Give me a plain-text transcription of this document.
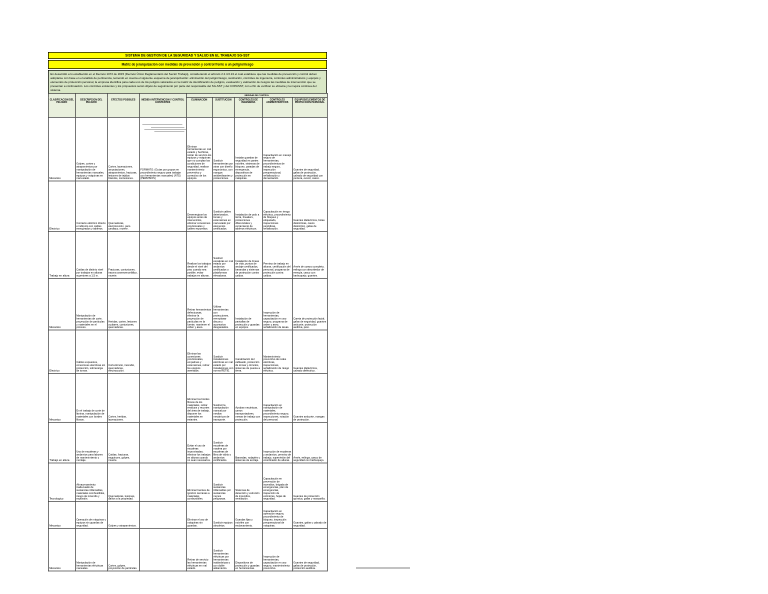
SISTEMA DE GESTION DE LA SEGURIDAD Y SALUD EN EL TRABAJO SG-SST
Matriz de jerarquización con medidas de prevención y control frente a un peligro/riesgo
En desarrollo a lo establecido en el Decreto 1072 de 2015 (Decreto Único Reglamentario del Sector Trabajo), considerando el artículo 2.2.4.6.24 el cual establece que las medidas de prevención y control deben adoptarse con base en el análisis de pertinencia, teniendo en cuenta el siguiente esquema de jerarquización: eliminación del peligro/riesgo, sustitución, controles de ingeniería, controles administrativos y equipos y elementos de protección personal, la empresa identifica para cada uno de los peligros valorados en la matriz de identificación de peligros, evaluación y valoración de riesgos las medidas de intervención que se presentan a continuación. Los controles existentes y los propuestos serán objeto de seguimiento por parte del responsable del SG-SST y del COPASST, con el fin de verificar su eficacia y la mejora continua del sistema.
CLASIFICACION DEL PELIGRO	DESCRIPCION DEL PELIGRO	EFECTOS POSIBLES	MEDIDA INTERVENCION Y CONTROL EXISTENTES	MEDIDAS DE CONTROL				
				ELIMINACION	SUSTITUCION	CONTROLES DE INGENIERIA	CONTROLES ADMINISTRATIVOS	EQUIPOS/ELEMENTOS DE PROTECCION PERSONAL

Mecanico	Golpes, cortes y atrapamientos por manipulación de herramientas manuales, equipos y máquinas en mal estado.	Cortes, laceraciones, amputaciones, atrapamientos, fracturas, lesiones de tejidos blandos, contusiones.	FORMATO: (Guías por grupos en procedimiento seguro para trabajar con herramientas manuales) (ATS) (PERMISOS)	Eliminar herramientas en mal estado y hechizas, retirar de servicio los equipos y máquinas que no cumplan las condiciones de seguridad, realizar mantenimiento preventivo y correctivo de los equipos.	Sustituir herramientas por otras con diseño ergonómico, con mangos antideslizantes y protecciones.	Instalar guardas de seguridad en partes móviles, sistemas de bloqueo, paradas de emergencia, dispositivos de protección en máquinas.	Capacitación en manejo seguro de herramientas, procedimientos de trabajo seguro, inspección preoperacional, señalización y demarcación.	Guantes de seguridad, gafas de protección, calzado de seguridad con puntera, overol, casco.

Electrico	Contacto eléctrico directo e indirecto con cables energizados y tableros.	Quemaduras, electrocución, paro cardiaco, muerte.		Desenergizar los equipos antes de intervenirlos, eliminar conexiones provisionales y cables expuestos.	Sustituir cables deteriorados, tomas y extensiones en mal estado por elementos certificados.	Instalación de polo a tierra, breakers, protecciones diferenciales y cerramiento de tableros eléctricos.	Capacitación en riesgo eléctrico, procedimiento de bloqueo y etiquetado, inspecciones periódicas, señalización.	Guantes dieléctricos, botas dieléctricas, casco dieléctrico, gafas de seguridad.

Trabajo en altura	Caídas de distinto nivel por trabajos en alturas superiores a 1.5 m.	Fracturas, contusiones, trauma craneoencefálico, muerte.		Realizar los trabajos desde el nivel del piso cuando sea posible, evitar trabajos en alturas.	Sustituir escaleras en mal estado por andamios certificados o plataformas elevadoras.	Instalación de líneas de vida, puntos de anclaje certificados, barandas y sistemas de protección contra caídas.	Permiso de trabajo en alturas, certificación del personal, programa de protección contra caídas.	Arnés de cuerpo completo, eslinga con absorbedor de energía, casco con barbuquejo, guantes.

Mecanico	Manipulación de herramientas de corte, proyección de partículas y materiales en el proceso.	Heridas, cortes, lesiones oculares, contusiones, quemaduras.		Retirar herramientas defectuosas, eliminar la proyección de partículas en la fuente, mantener el orden y aseo.	Utilizar herramientas con protecciones, reemplazar discos y accesorios desgastados.	Instalación de pantallas de protección y guardas en equipos.	Inspección de herramientas, capacitación en uso seguro, programa de orden y aseo, señalización de áreas.	Careta de protección facial, gafas de seguridad, guantes anticorte, protección auditiva, peto.

Electrico	Cables expuestos, conexiones eléctricas sin protección, sobrecarga de tomas.	Cortocircuito, incendio, quemaduras, electrocución.		Eliminar las conexiones provisionales, empalmes y extensiones, retirar los equipos averiados.	Sustituir instalaciones eléctricas en mal estado por instalaciones con norma RETIE.	Canalización del cableado, protección de tomas y circuitos, sistemas de puesta a tierra.	Mantenimiento preventivo de redes eléctricas, inspecciones, señalización de riesgo eléctrico.	Guantes dieléctricos, calzado dieléctrico.

Mecanico	En el trabajo de corte de lámina, manipulación de materiales con bordes filosos.	Cortes, heridas, laceraciones.		Eliminar los bordes filosos de los materiales, retirar residuos y recortes del área de trabajo, disponer los materiales en estantes.	Sustituir la manipulación manual por medios mecánicos de transporte.	Ayudas mecánicas, carros transportadores, mesas de trabajo con protección.	Capacitación en manipulación de materiales, procedimiento seguro, inspecciones, rotación del personal.	Guantes anticorte, mangas de protección.

Trabajo en altura	Uso de escaleras y andamios para labores de mantenimiento y montaje.	Caídas, fracturas, esguinces, golpes, muerte.		Evitar el uso de escaleras improvisadas, eliminar los trabajos en alturas cuando no sean necesarios.	Sustituir escaleras de madera por escaleras de fibra de vidrio o andamios certificados.	Barandas, rodapiés y sistemas de anclaje.	Inspección de escaleras y andamios, permiso de trabajo, supervisión del coordinador de alturas.	Arnés, eslinga, casco de seguridad con barbuquejo.

Tecnologico	Almacenamiento inadecuado de sustancias inflamables, materiales combustibles, riesgo de incendio y explosión.	Quemaduras, lesiones, daños a la propiedad.		Eliminar fuentes de ignición cercanas a materiales combustibles.	Sustituir sustancias inflamables por sustancias menos peligrosas.	Sistemas de detección y extinción de incendios, ventilación.	Capacitación en prevención de incendios, brigada de emergencias, plan de emergencias, inspección de extintores, hojas de seguridad.	Guantes de protección química, gafas y mascarilla.

Mecanico	Operación de máquinas y equipos sin guardas de seguridad.	Golpes y atrapamientos.		Eliminar el uso de máquinas sin guardas.	Sustituir equipos obsoletos.	Guardas fijas y móviles con enclavamiento.	Capacitación en operación segura, procedimiento de bloqueo, inspección preoperacional de máquinas.	Guantes, gafas y calzado de seguridad.

Mecanico	Manipulación de herramientas eléctricas manuales.	Cortes, golpes, proyección de partículas.		Retirar de servicio las herramientas eléctricas en mal estado.	Sustituir herramientas eléctricas por herramientas inalámbricas o con doble aislamiento.	Dispositivos de protección y guardas en herramientas.	Inspección de herramientas, capacitación en uso seguro, mantenimiento preventivo.	Guantes de seguridad, gafas de protección, protección auditiva.
